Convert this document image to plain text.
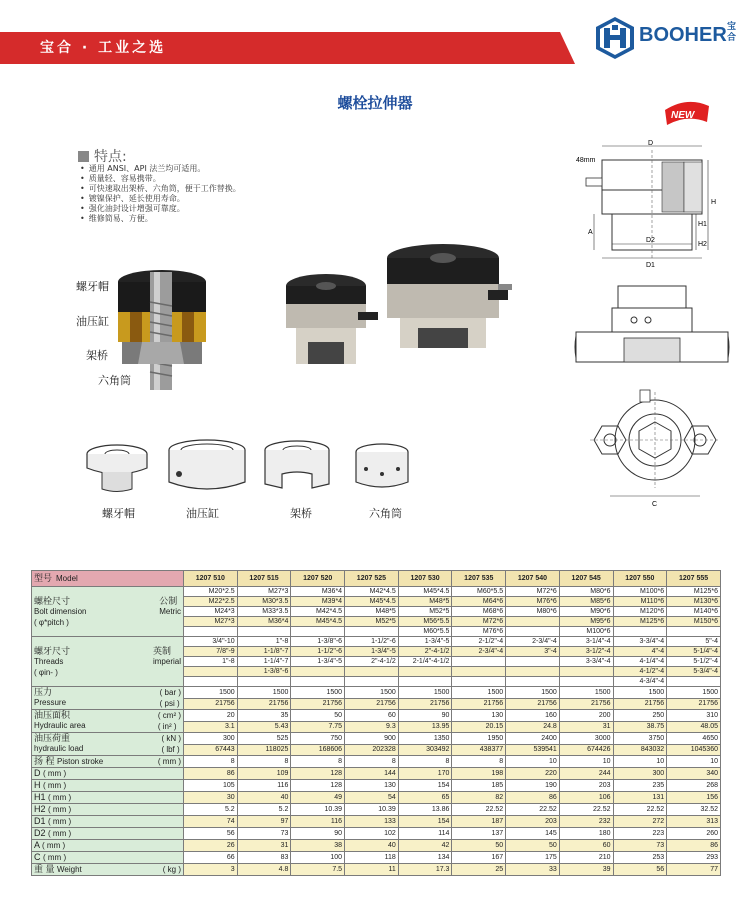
宝合 · 工业之选
BOOHER 宝合
螺栓拉伸器
NEW
特点:
• 通用 ANSI、API 法兰均可适用。
• 质量轻、容易携带。
• 可快速取出架桥、六角筒，便于工作替换。
• 镀镍保护、延长使用寿命。
• 强化油封设计增强可靠度。
• 维修简易、方便。
螺牙帽
油压缸
架桥
六角筒
螺牙帽	油压缸	架桥	六角筒
48mm
D
H
H1
H2
A
D2
D1
C
型号 Model	1207 510	1207 515	1207 520	1207 525	1207 530	1207 535	1207 540	1207 545	1207 550	1207 555

公制
Metric
螺栓尺寸
Bolt dimension
( φ*pitch )	M20*2.5	M27*3	M36*4	M42*4.5	M45*4.5	M60*5.5	M72*6	M80*6	M100*6	M125*6
	M22*2.5	M30*3.5	M39*4	M45*4.5	M48*5	M64*6	M76*6	M85*6	M110*6	M130*6
	M24*3	M33*3.5	M42*4.5	M48*5	M52*5	M68*6	M80*6	M90*6	M120*6	M140*6
	M27*3	M36*4	M45*4.5	M52*5	M56*5.5	M72*6		M95*6	M125*6	M150*6
					M60*5.5	M76*6		M100*6		

英制
imperial
螺牙尺寸
Threads
( φin- )	3/4"-10	1"-8	1-3/8"-6	1-1/2"-6	1-3/4"-5	2-1/2"-4	2-3/4"-4	3-1/4"-4	3-3/4"-4	5"-4
	7/8"-9	1-1/8"-7	1-1/2"-6	1-3/4"-5	2"-4-1/2	2-3/4"-4	3"-4	3-1/2"-4	4"-4	5-1/4"-4
	1"-8	1-1/4"-7	1-3/4"-5	2"-4-1/2	2-1/4"-4-1/2			3-3/4"-4	4-1/4"-4	5-1/2"-4
		1-3/8"-6							4-1/2"-4	5-3/4"-4
									4-3/4"-4	

( bar )
( psi )
压力
Pressure	1500	1500	1500	1500	1500	1500	1500	1500	1500	1500
	21756	21756	21756	21756	21756	21756	21756	21756	21756	21756

( cm² )
( in² )
油压面积
Hydraulic area	20	35	50	60	90	130	160	200	250	310
	3.1	5.43	7.75	9.3	13.95	20.15	24.8	31	38.75	48.05

( kN )
( lbf )
油压荷重
hydraulic load	300	525	750	900	1350	1950	2400	3000	3750	4650
	67443	118025	168606	202328	303492	438377	539541	674426	843032	1045360

( mm )
扬 程 Piston stroke	8	8	8	8	8	8	10	10	10	10
D ( mm )	86	109	128	144	170	198	220	244	300	340
H ( mm )	105	116	128	130	154	185	190	203	235	268
H1 ( mm )	30	40	49	54	65	82	86	106	131	156
H2 ( mm )	5.2	5.2	10.39	10.39	13.86	22.52	22.52	22.52	22.52	32.52
D1 ( mm )	74	97	116	133	154	187	203	232	272	313
D2 ( mm )	56	73	90	102	114	137	145	180	223	260
A ( mm )	26	31	38	40	42	50	50	60	73	86
C ( mm )	66	83	100	118	134	167	175	210	253	293

( kg )
重 量 Weight	3	4.8	7.5	11	17.3	25	33	39	56	77
